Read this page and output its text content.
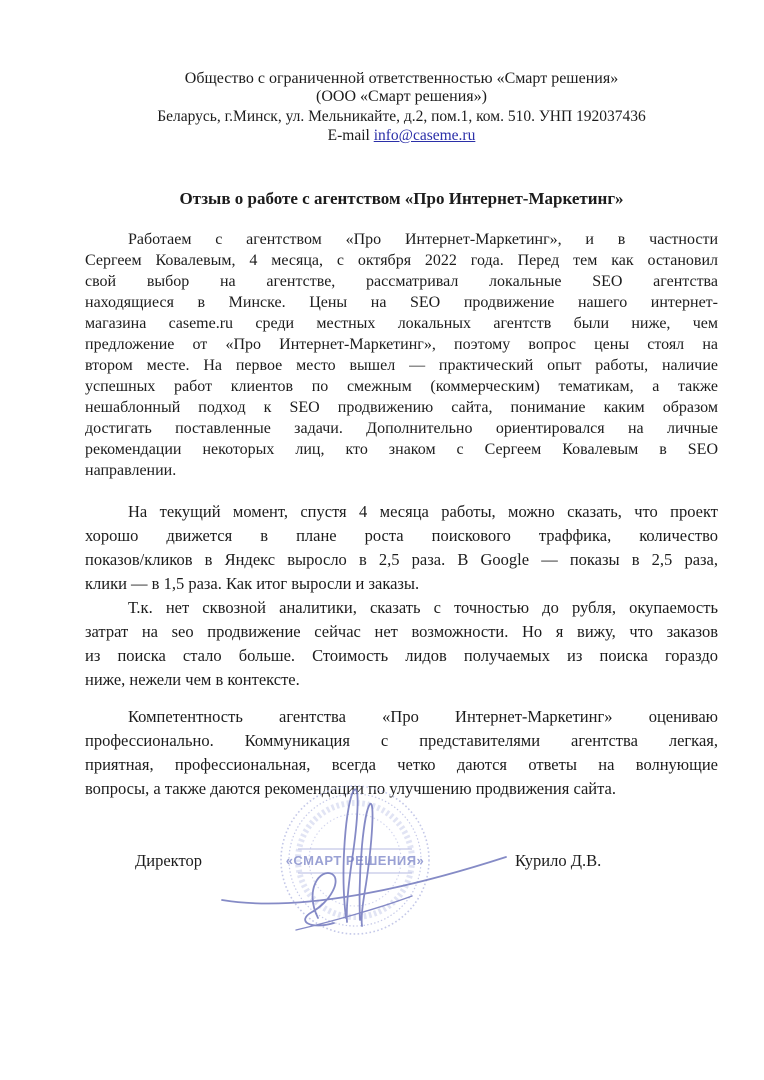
Общество с ограниченной ответственностью «Смарт решения»
(ООО «Смарт решения»)
Беларусь, г.Минск, ул. Мельникайте, д.2, пом.1, ком. 510. УНП 192037436
E-mail info@caseme.ru
Отзыв о работе с агентством «Про Интернет-Маркетинг»
Работаем с агентством «Про Интернет-Маркетинг», и в частности
Сергеем Ковалевым, 4 месяца, с октября 2022 года. Перед тем как остановил
свой выбор на агентстве, рассматривал локальные SEO агентства
находящиеся в Минске. Цены на SEO продвижение нашего интернет-
магазина caseme.ru среди местных локальных агентств были ниже, чем
предложение от «Про Интернет-Маркетинг», поэтому вопрос цены стоял на
втором месте. На первое место вышел — практический опыт работы, наличие
успешных работ клиентов по смежным (коммерческим) тематикам, а также
нешаблонный подход к SEO продвижению сайта, понимание каким образом
достигать поставленные задачи. Дополнительно ориентировался на личные
рекомендации некоторых лиц, кто знаком с Сергеем Ковалевым в SEO
направлении.
На текущий момент, спустя 4 месяца работы, можно сказать, что проект
хорошо движется в плане роста поискового траффика, количество
показов/кликов в Яндекс выросло в 2,5 раза. В Google — показы в 2,5 раза,
клики — в 1,5 раза. Как итог выросли и заказы.
Т.к. нет сквозной аналитики, сказать с точностью до рубля, окупаемость
затрат на seo продвижение сейчас нет возможности. Но я вижу, что заказов
из поиска стало больше. Стоимость лидов получаемых из поиска гораздо
ниже, нежели чем в контексте.
Компетентность агентства «Про Интернет-Маркетинг» оцениваю
профессионально. Коммуникация с представителями агентства легкая,
приятная, профессиональная, всегда четко даются ответы на волнующие
вопросы, а также даются рекомендации по улучшению продвижения сайта.
Директор	Курило Д.В.
«СМАРТ РЕШЕНИЯ»
